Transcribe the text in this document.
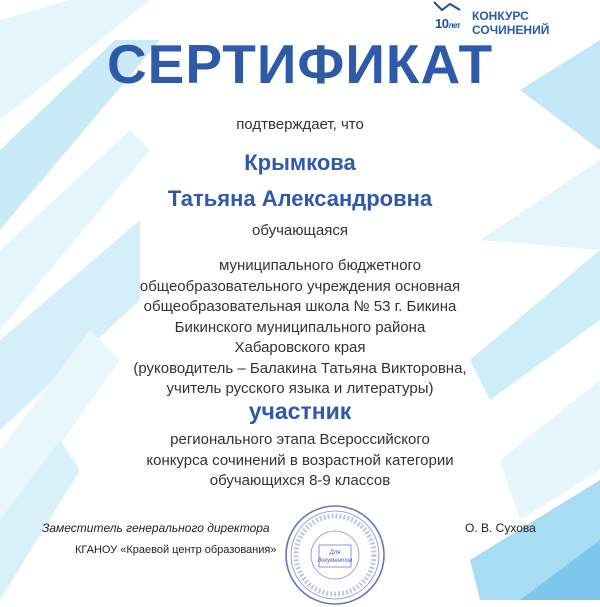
10лет
КОНКУРС
СОЧИНЕНИЙ
СЕРТИФИКАТ
подтверждает, что
Крымкова
Татьяна Александровна
обучающаяся
муниципального бюджетного
общеобразовательного учреждения основная
общеобразовательная школа № 53 г. Бикина
Бикинского муниципального района
Хабаровского края
(руководитель – Балакина Татьяна Викторовна,
учитель русского языка и литературы)
участник
регионального этапа Всероссийского
конкурса сочинений в возрастной категории
обучающихся 8-9 классов
Для
документов
Заместитель генерального директора
КГАНОУ «Краевой центр образования»
О. В. Сухова
